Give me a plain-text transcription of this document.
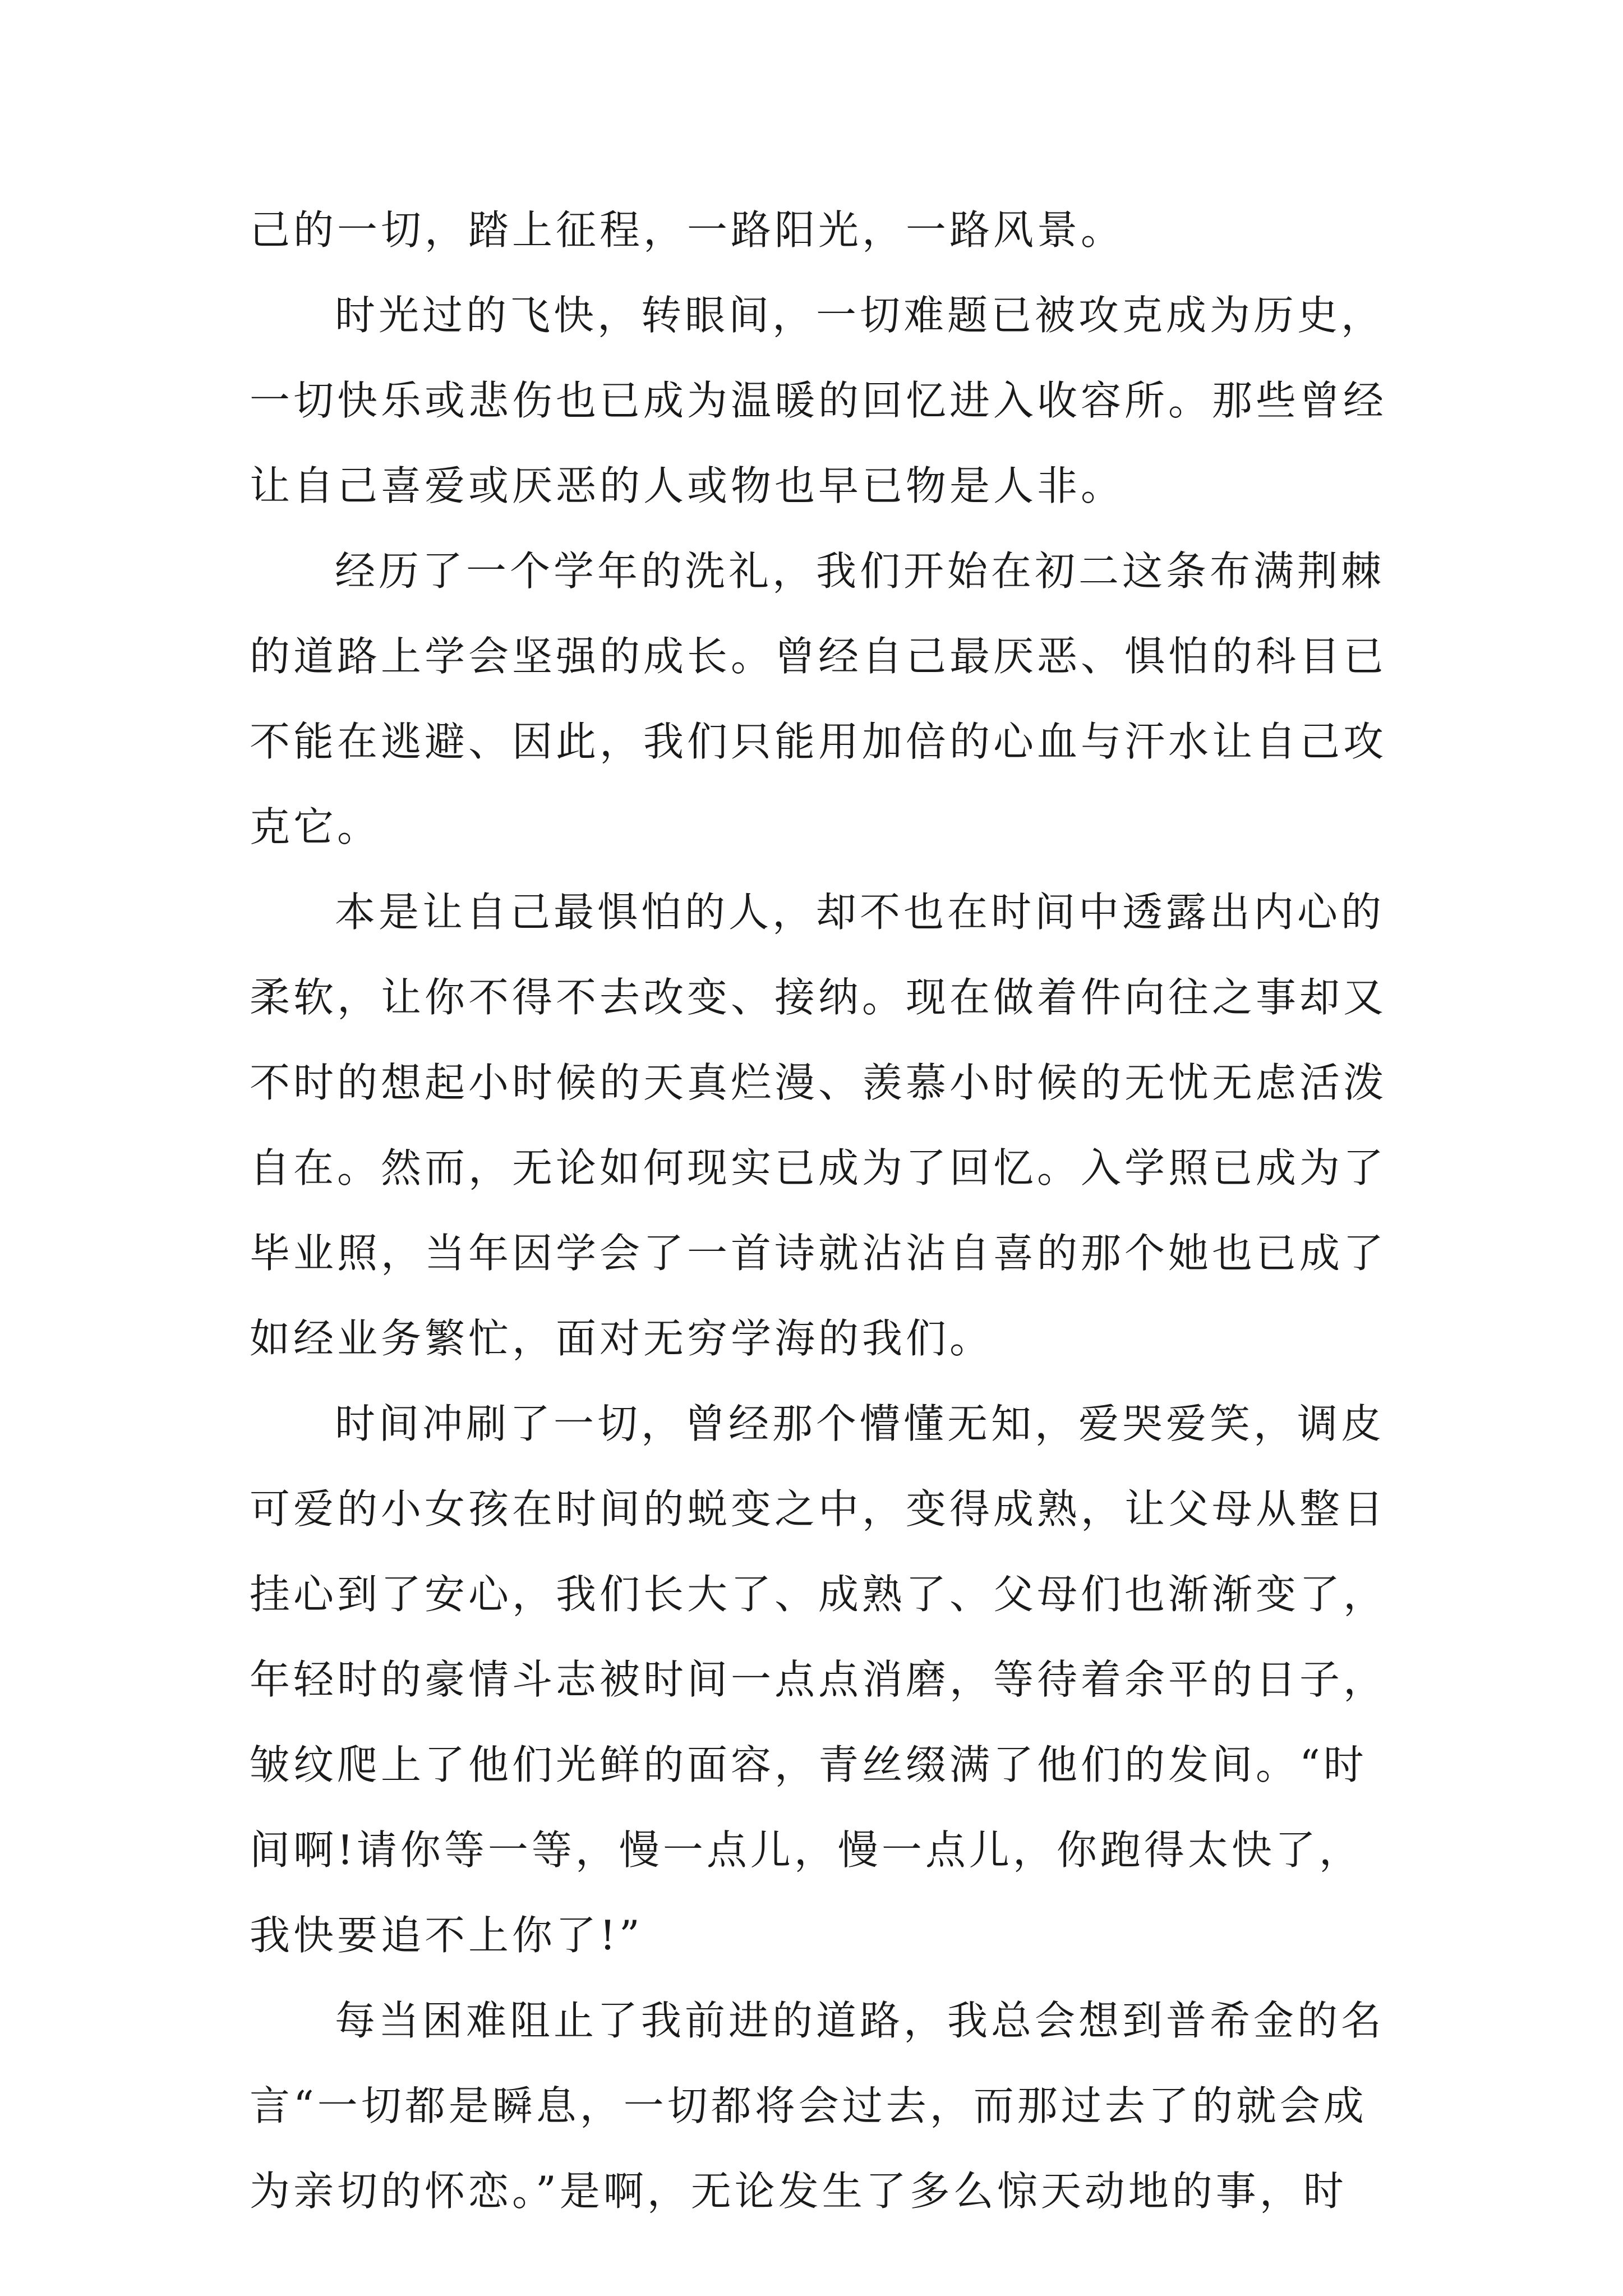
己的一切，踏上征程，一路阳光，一路风景。
时光过的飞快，转眼间，一切难题已被攻克成为历史，
一切快乐或悲伤也已成为温暖的回忆进入收容所。那些曾经
让自己喜爱或厌恶的人或物也早已物是人非。
经历了一个学年的洗礼，我们开始在初二这条布满荆棘
的道路上学会坚强的成长。曾经自己最厌恶、惧怕的科目已
不能在逃避、因此，我们只能用加倍的心血与汗水让自己攻
克它。
本是让自己最惧怕的人，却不也在时间中透露出内心的
柔软，让你不得不去改变、接纳。现在做着件向往之事却又
不时的想起小时候的天真烂漫、羡慕小时候的无忧无虑活泼
自在。然而，无论如何现实已成为了回忆。入学照已成为了
毕业照，当年因学会了一首诗就沾沾自喜的那个她也已成了
如经业务繁忙，面对无穷学海的我们。
时间冲刷了一切，曾经那个懵懂无知，爱哭爱笑，调皮
可爱的小女孩在时间的蜕变之中，变得成熟，让父母从整日
挂心到了安心，我们长大了、成熟了、父母们也渐渐变了，
年轻时的豪情斗志被时间一点点消磨，等待着余平的日子，
皱纹爬上了他们光鲜的面容，青丝缀满了他们的发间。“时
间啊!请你等一等，慢一点儿，慢一点儿，你跑得太快了，
我快要追不上你了!”
每当困难阻止了我前进的道路，我总会想到普希金的名
言“一切都是瞬息，一切都将会过去，而那过去了的就会成
为亲切的怀恋。”是啊，无论发生了多么惊天动地的事，时
